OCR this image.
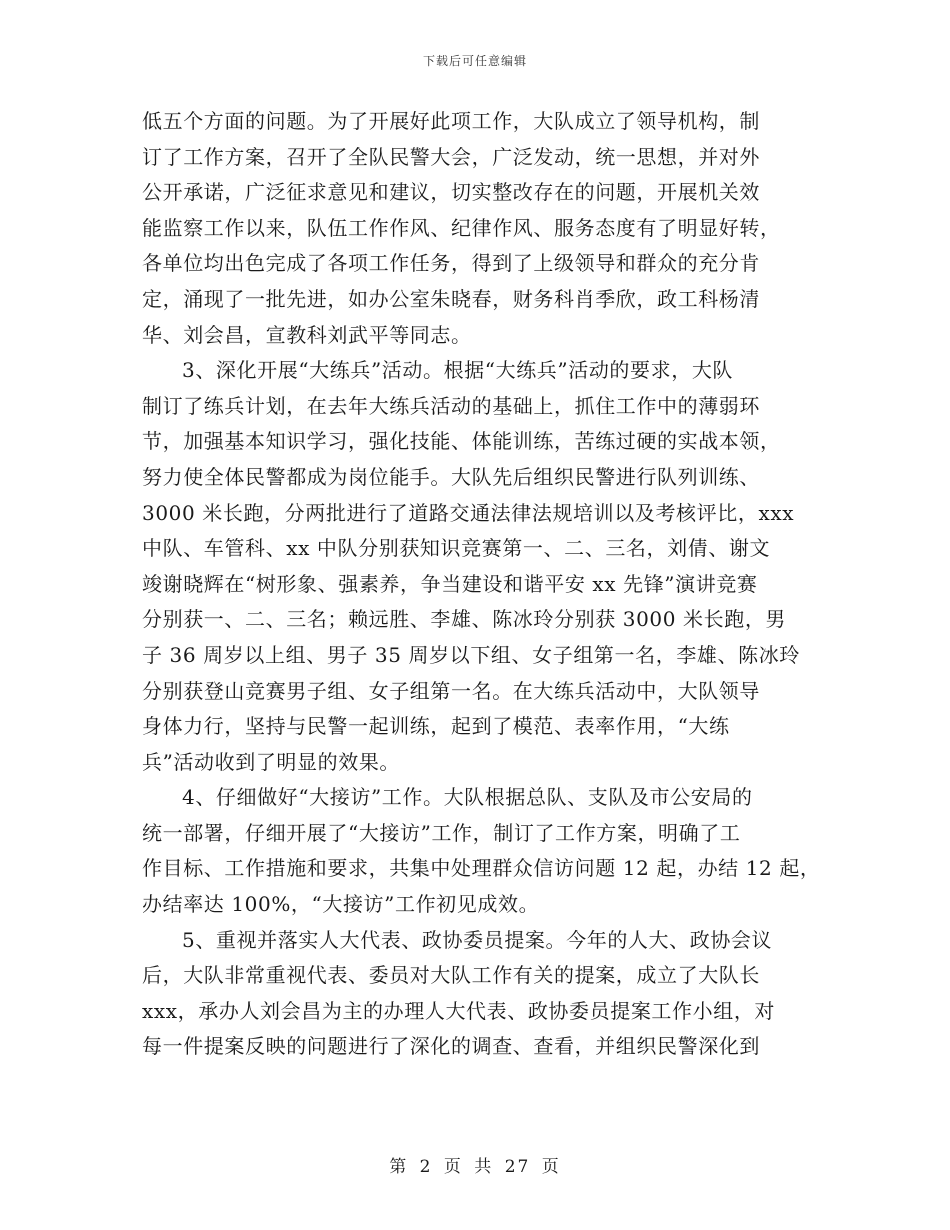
下载后可任意编辑
低五个方面的问题。为了开展好此项工作，大队成立了领导机构，制
订了工作方案，召开了全队民警大会，广泛发动，统一思想，并对外
公开承诺，广泛征求意见和建议，切实整改存在的问题，开展机关效
能监察工作以来，队伍工作作风、纪律作风、服务态度有了明显好转，
各单位均出色完成了各项工作任务，得到了上级领导和群众的充分肯
定，涌现了一批先进，如办公室朱晓春，财务科肖季欣，政工科杨清
华、刘会昌，宣教科刘武平等同志。
3、深化开展“大练兵”活动。根据“大练兵”活动的要求，大队
制订了练兵计划，在去年大练兵活动的基础上，抓住工作中的薄弱环
节，加强基本知识学习，强化技能、体能训练，苦练过硬的实战本领，
努力使全体民警都成为岗位能手。大队先后组织民警进行队列训练、
3000 米长跑，分两批进行了道路交通法律法规培训以及考核评比，xxx
中队、车管科、xx 中队分别获知识竞赛第一、二、三名，刘倩、谢文
竣谢晓辉在“树形象、强素养，争当建设和谐平安 xx 先锋”演讲竞赛
分别获一、二、三名；赖远胜、李雄、陈冰玲分别获 3000 米长跑，男
子 36 周岁以上组、男子 35 周岁以下组、女子组第一名，李雄、陈冰玲
分别获登山竞赛男子组、女子组第一名。在大练兵活动中，大队领导
身体力行，坚持与民警一起训练，起到了模范、表率作用，“大练
兵”活动收到了明显的效果。
4、仔细做好“大接访”工作。大队根据总队、支队及市公安局的
统一部署，仔细开展了“大接访”工作，制订了工作方案，明确了工
作目标、工作措施和要求，共集中处理群众信访问题 12 起，办结 12 起，
办结率达 100%，“大接访”工作初见成效。
5、重视并落实人大代表、政协委员提案。今年的人大、政协会议
后，大队非常重视代表、委员对大队工作有关的提案，成立了大队长
xxx，承办人刘会昌为主的办理人大代表、政协委员提案工作小组，对
每一件提案反映的问题进行了深化的调查、查看，并组织民警深化到
第 2 页 共 27 页
